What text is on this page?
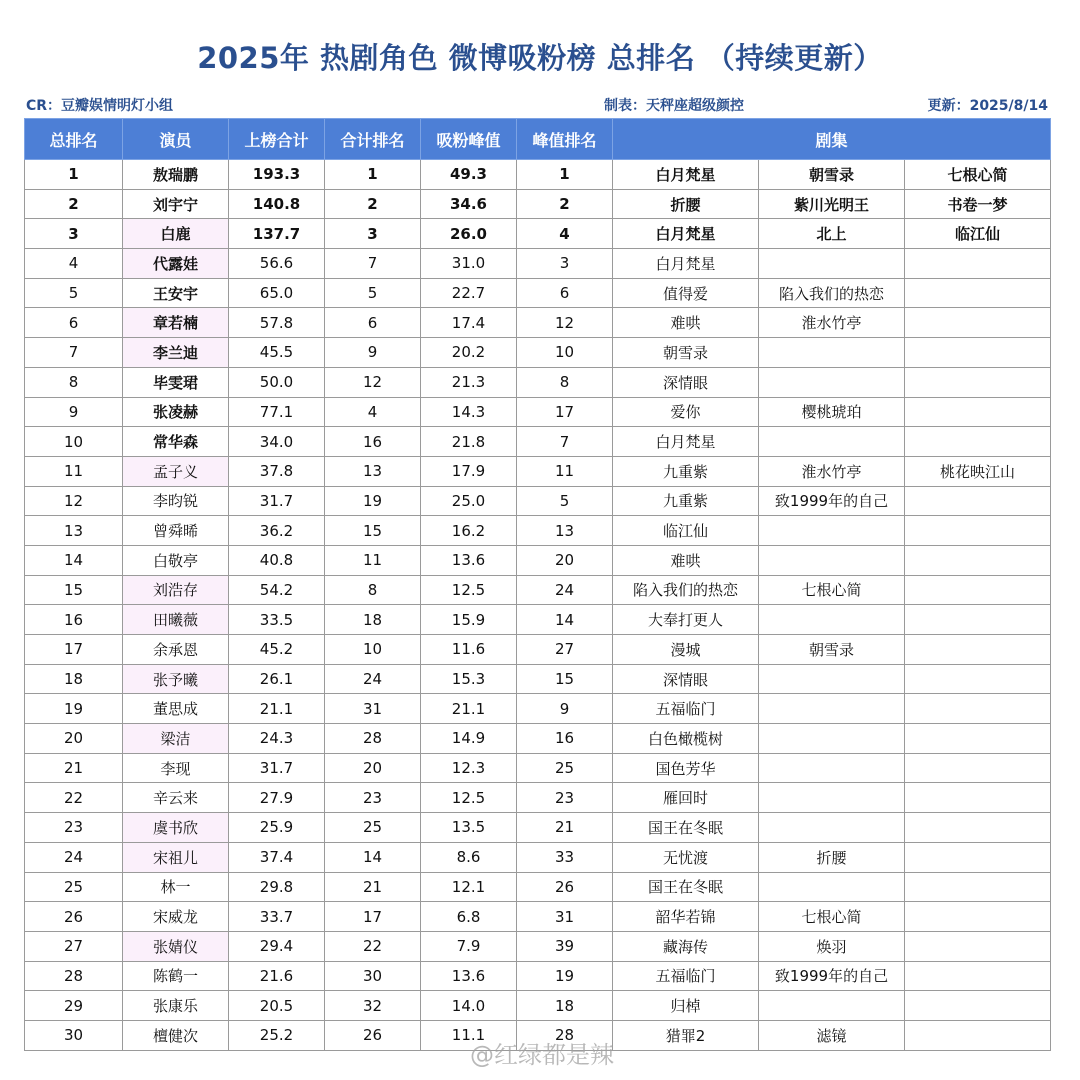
2025年 热剧角色 微博吸粉榜 总排名 （持续更新）
CR：豆瓣娱情明灯小组	制表：天秤座超级颜控	更新：2025/8/14
总排名	演员	上榜合计	合计排名	吸粉峰值	峰值排名	剧集		
1	敖瑞鹏	193.3	1	49.3	1	白月梵星	朝雪录	七根心简
2	刘宇宁	140.8	2	34.6	2	折腰	紫川光明王	书卷一梦
3	白鹿	137.7	3	26.0	4	白月梵星	北上	临江仙
4	代露娃	56.6	7	31.0	3	白月梵星		
5	王安宇	65.0	5	22.7	6	值得爱	陷入我们的热恋	
6	章若楠	57.8	6	17.4	12	难哄	淮水竹亭	
7	李兰迪	45.5	9	20.2	10	朝雪录		
8	毕雯珺	50.0	12	21.3	8	深情眼		
9	张凌赫	77.1	4	14.3	17	爱你	樱桃琥珀	
10	常华森	34.0	16	21.8	7	白月梵星		
11	孟子义	37.8	13	17.9	11	九重紫	淮水竹亭	桃花映江山
12	李昀锐	31.7	19	25.0	5	九重紫	致1999年的自己	
13	曾舜晞	36.2	15	16.2	13	临江仙		
14	白敬亭	40.8	11	13.6	20	难哄		
15	刘浩存	54.2	8	12.5	24	陷入我们的热恋	七根心简	
16	田曦薇	33.5	18	15.9	14	大奉打更人		
17	余承恩	45.2	10	11.6	27	漫城	朝雪录	
18	张予曦	26.1	24	15.3	15	深情眼		
19	董思成	21.1	31	21.1	9	五福临门		
20	梁洁	24.3	28	14.9	16	白色橄榄树		
21	李现	31.7	20	12.3	25	国色芳华		
22	辛云来	27.9	23	12.5	23	雁回时		
23	虞书欣	25.9	25	13.5	21	国王在冬眠		
24	宋祖儿	37.4	14	8.6	33	无忧渡	折腰	
25	林一	29.8	21	12.1	26	国王在冬眠		
26	宋威龙	33.7	17	6.8	31	韶华若锦	七根心简	
27	张婧仪	29.4	22	7.9	39	藏海传	焕羽	
28	陈鹤一	21.6	30	13.6	19	五福临门	致1999年的自己	
29	张康乐	20.5	32	14.0	18	归棹		
30	檀健次	25.2	26	11.1	28	猎罪2	滤镜	
@红绿都是辣
